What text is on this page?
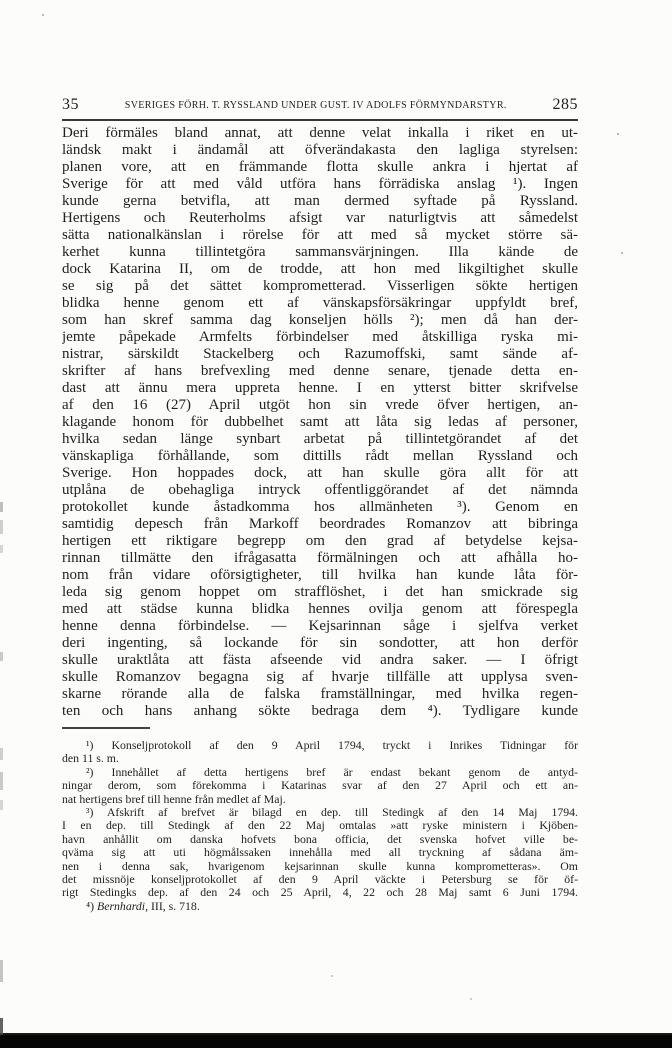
35	SVERIGES FÖRH. T. RYSSLAND UNDER GUST. IV ADOLFS FÖRMYNDARSTYR.	285
Deri förmäles bland annat, att denne velat inkalla i riket en ut-
ländsk makt i ändamål att öfverändakasta den lagliga styrelsen:
planen vore, att en främmande flotta skulle ankra i hjertat af
Sverige för att med våld utföra hans förrädiska anslag ¹). Ingen
kunde gerna betvifla, att man dermed syftade på Ryssland.
Hertigens och Reuterholms afsigt var naturligtvis att såmedelst
sätta nationalkänslan i rörelse för att med så mycket större sä-
kerhet kunna tillintetgöra sammansvärjningen. Illa kände de
dock Katarina II, om de trodde, att hon med likgiltighet skulle
se sig på det sättet komprometterad. Visserligen sökte hertigen
blidka henne genom ett af vänskapsförsäkringar uppfyldt bref,
som han skref samma dag konseljen hölls ²); men då han der-
jemte påpekade Armfelts förbindelser med åtskilliga ryska mi-
nistrar, särskildt Stackelberg och Razumoffski, samt sände af-
skrifter af hans brefvexling med denne senare, tjenade detta en-
dast att ännu mera uppreta henne. I en ytterst bitter skrifvelse
af den 16 (27) April utgöt hon sin vrede öfver hertigen, an-
klagande honom för dubbelhet samt att låta sig ledas af personer,
hvilka sedan länge synbart arbetat på tillintetgörandet af det
vänskapliga förhållande, som dittills rådt mellan Ryssland och
Sverige. Hon hoppades dock, att han skulle göra allt för att
utplåna de obehagliga intryck offentliggörandet af det nämnda
protokollet kunde åstadkomma hos allmänheten ³). Genom en
samtidig depesch från Markoff beordrades Romanzov att bibringa
hertigen ett riktigare begrepp om den grad af betydelse kejsa-
rinnan tillmätte den ifrågasatta förmälningen och att afhålla ho-
nom från vidare oförsigtigheter, till hvilka han kunde låta för-
leda sig genom hoppet om strafflöshet, i det han smickrade sig
med att städse kunna blidka hennes ovilja genom att förespegla
henne denna förbindelse. — Kejsarinnan såge i sjelfva verket
deri ingenting, så lockande för sin sondotter, att hon derför
skulle uraktlåta att fästa afseende vid andra saker. — I öfrigt
skulle Romanzov begagna sig af hvarje tillfälle att upplysa sven-
skarne rörande alla de falska framställningar, med hvilka regen-
ten och hans anhang sökte bedraga dem ⁴). Tydligare kunde
¹) Konseljprotokoll af den 9 April 1794, tryckt i Inrikes Tidningar för
den 11 s. m.
²) Innehållet af detta hertigens bref är endast bekant genom de antyd-
ningar derom, som förekomma i Katarinas svar af den 27 April och ett an-
nat hertigens bref till henne från medlet af Maj.
³) Afskrift af brefvet är bilagd en dep. till Stedingk af den 14 Maj 1794.
I en dep. till Stedingk af den 22 Maj omtalas »att ryske ministern i Kjöben-
havn anhållit om danska hofvets bona officia, det svenska hofvet ville be-
qväma sig att uti högmålssaken innehålla med all tryckning af sådana äm-
nen i denna sak, hvarigenom kejsarinnan skulle kunna komprometteras». Om
det missnöje konseljprotokollet af den 9 April väckte i Petersburg se för öf-
rigt Stedingks dep. af den 24 och 25 April, 4, 22 och 28 Maj samt 6 Juni 1794.
⁴) Bernhardi, III, s. 718.
